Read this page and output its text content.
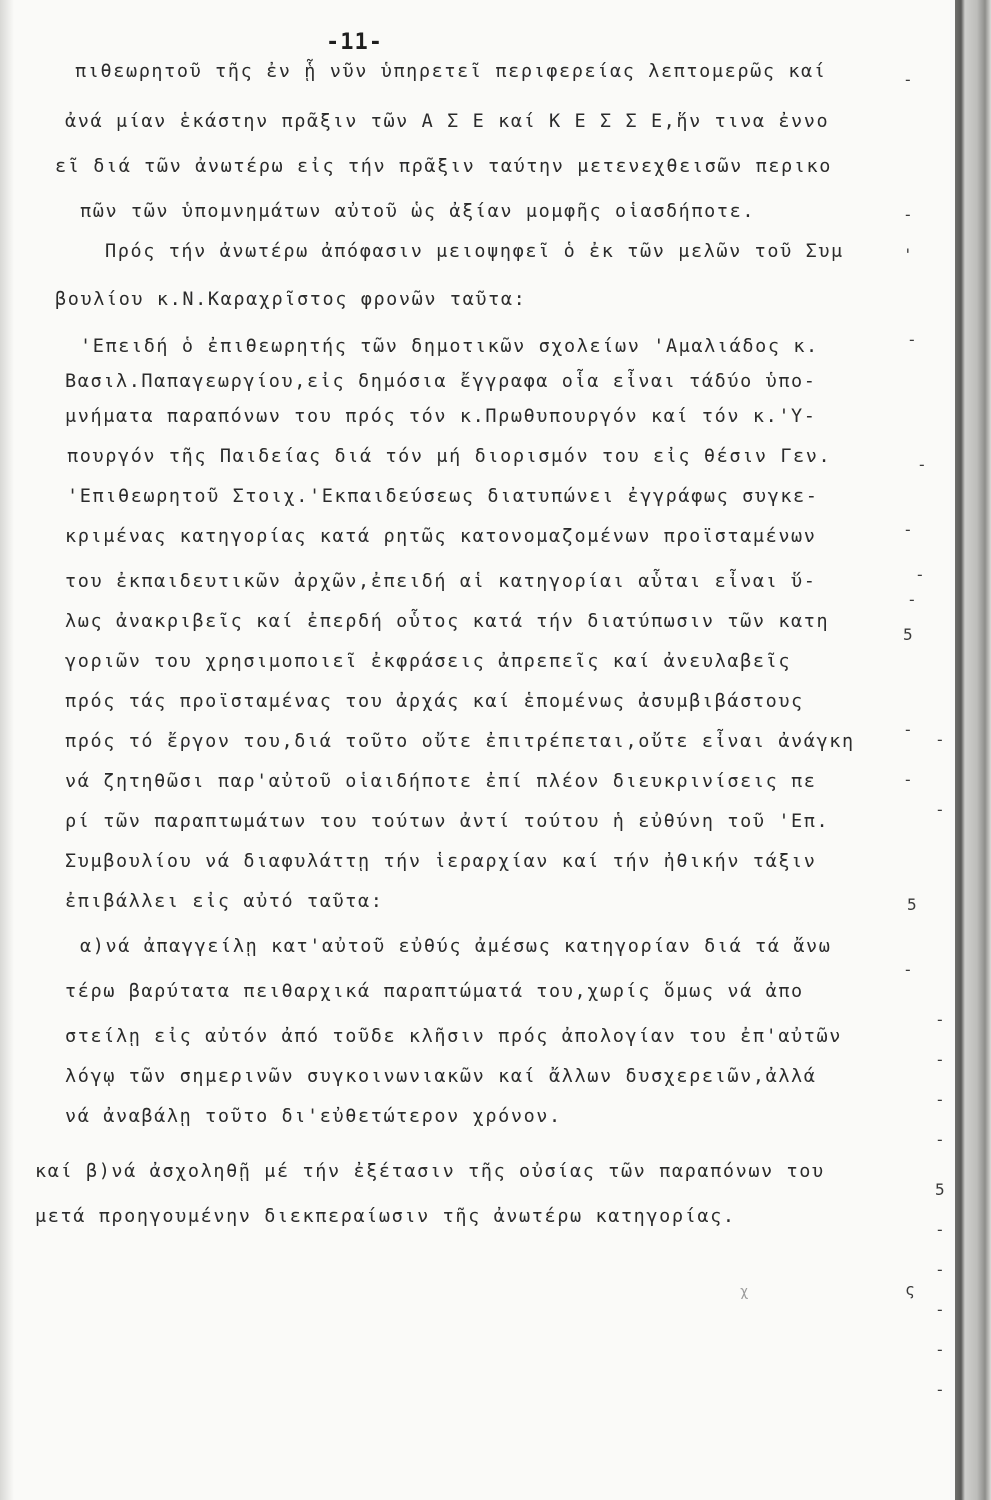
-11-
πιθεωρητοῦ τῆς ἐν ᾗ νῦν ὑπηρετεῖ περιφερείας λεπτομερῶς καί
ἀνά μίαν ἑκάστην πρᾶξιν τῶν Α Σ Ε καί Κ Ε Σ Σ Ε,ἥν τινα ἐννο
εῖ διά τῶν ἀνωτέρω εἰς τήν πρᾶξιν ταύτην μετενεχθεισῶν περικο
πῶν τῶν ὑπομνημάτων αὐτοῦ ὡς ἀξίαν μομφῆς οἱασδήποτε.
Πρός τήν ἀνωτέρω ἀπόφασιν μειοψηφεῖ ὁ ἐκ τῶν μελῶν τοῦ Συμ
βουλίου κ.Ν.Καραχρῖστος φρονῶν ταῦτα:
'Επειδή ὁ ἐπιθεωρητής τῶν δημοτικῶν σχολείων 'Αμαλιάδος κ.
Βασιλ.Παπαγεωργίου,εἰς δημόσια ἔγγραφα οἷα εἶναι τάδύο ὑπο-
μνήματα παραπόνων του πρός τόν κ.Πρωθυπουργόν καί τόν κ.'Υ-
πουργόν τῆς Παιδείας διά τόν μή διορισμόν του εἰς θέσιν Γεν.
'Επιθεωρητοῦ Στοιχ.'Εκπαιδεύσεως διατυπώνει ἐγγράφως συγκε-
κριμένας κατηγορίας κατά ρητῶς κατονομαζομένων προϊσταμένων
του ἐκπαιδευτικῶν ἀρχῶν,ἐπειδή αἱ κατηγορίαι αὗται εἶναι ὕ-
λως ἀνακριβεῖς καί ἐπερδή οὗτος κατά τήν διατύπωσιν τῶν κατη
γοριῶν του χρησιμοποιεῖ ἐκφράσεις ἀπρεπεῖς καί ἀνευλαβεῖς
πρός τάς προϊσταμένας του ἀρχάς καί ἑπομένως ἀσυμβιβάστους
πρός τό ἔργον του,διά τοῦτο οὔτε ἐπιτρέπεται,οὔτε εἶναι ἀνάγκη
νά ζητηθῶσι παρ'αὐτοῦ οἱαιδήποτε ἐπί πλέον διευκρινίσεις πε
ρί τῶν παραπτωμάτων του τούτων ἀντί τούτου ἡ εὐθύνη τοῦ 'Επ.
Συμβουλίου νά διαφυλάττῃ τήν ἱεραρχίαν καί τήν ἠθικήν τάξιν
ἐπιβάλλει εἰς αὐτό ταῦτα:
α)νά ἀπαγγείλῃ κατ'αὐτοῦ εὐθύς ἀμέσως κατηγορίαν διά τά ἄνω
τέρω βαρύτατα πειθαρχικά παραπτώματά του,χωρίς ὅμως νά ἀπο
στείλῃ εἰς αὐτόν ἀπό τοῦδε κλῆσιν πρός ἀπολογίαν του ἐπ'αὐτῶν
λόγῳ τῶν σημερινῶν συγκοινωνιακῶν καί ἄλλων δυσχερειῶν,ἀλλά
νά ἀναβάλῃ τοῦτο δι'εὐθετώτερον χρόνον.
καί β)νά ἀσχοληθῇ μέ τήν ἐξέτασιν τῆς οὐσίας τῶν παραπόνων του
μετά προηγουμένην διεκπεραίωσιν τῆς ἀνωτέρω κατηγορίας.
χ
-
-
'
-
-
-
-
-
5
-
-
-
-
5
-
-
-
-
-
5
-
-
-
-
-
ς
